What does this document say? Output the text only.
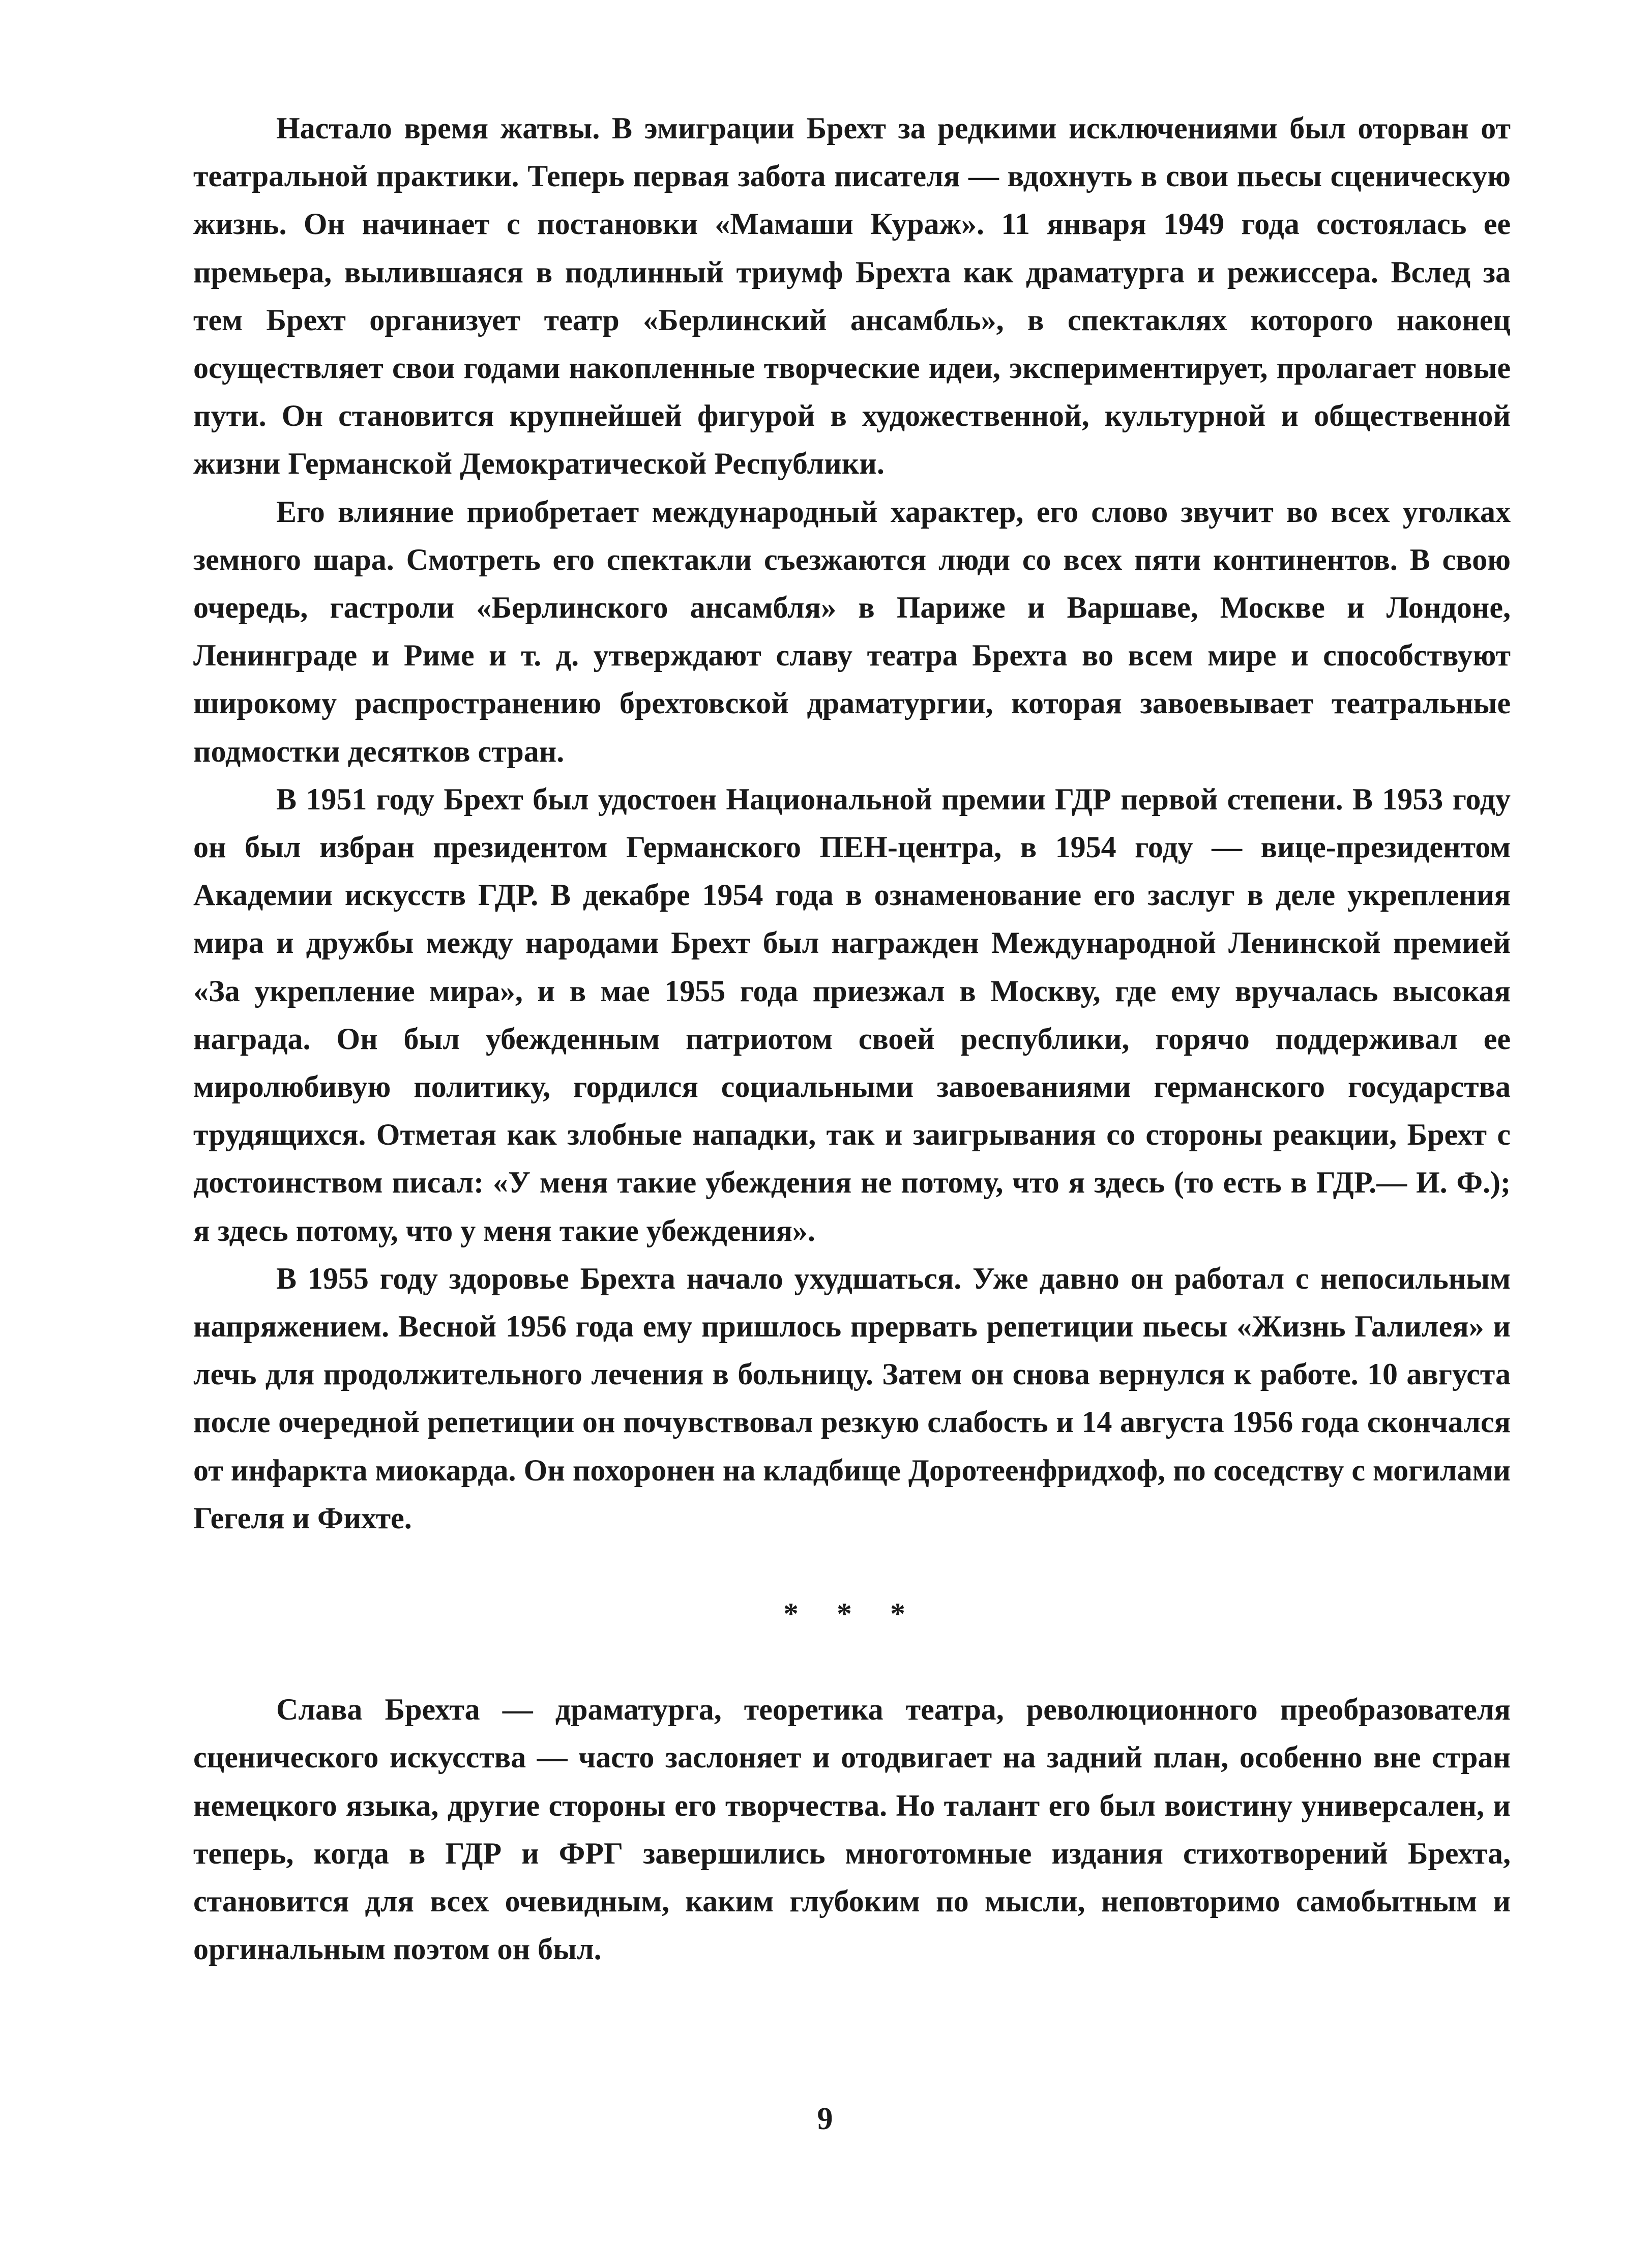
Настало время жатвы. В эмиграции Брехт за редкими исключениями был оторван от театральной практики. Теперь первая забота писателя — вдохнуть в свои пьесы сценическую жизнь. Он начинает с постановки «Мамаши Кураж». 11 января 1949 года состоялась ее премьера, вылившаяся в подлинный триумф Брехта как драматурга и режиссера. Вслед за тем Брехт организует театр «Берлинский ансамбль», в спектаклях которого наконец осуществляет свои годами накопленные творческие идеи, экспериментирует, пролагает новые пути. Он становится крупнейшей фигурой в художественной, культурной и общественной жизни Германской Демократической Республики.

Его влияние приобретает международный характер, его слово звучит во всех уголках земного шара. Смотреть его спектакли съезжаются люди со всех пяти континентов. В свою очередь, гастроли «Берлинского ансамбля» в Париже и Варшаве, Москве и Лондоне, Ленинграде и Риме и т. д. утверждают славу театра Брехта во всем мире и способствуют широкому распространению брехтовской драматургии, которая завоевывает театральные подмостки десятков стран.

В 1951 году Брехт был удостоен Национальной премии ГДР первой степени. В 1953 году он был избран президентом Германского ПЕН-центра, в 1954 году — вице-президентом Академии искусств ГДР. В декабре 1954 года в ознаменование его заслуг в деле укрепления мира и дружбы между народами Брехт был награжден Международной Ленинской премией «За укрепление мира», и в мае 1955 года приезжал в Москву, где ему вручалась высокая награда. Он был убежденным патриотом своей республики, горячо поддерживал ее миролюбивую политику, гордился социальными завоеваниями германского государства трудящихся. Отметая как злобные нападки, так и заигрывания со стороны реакции, Брехт с достоинством писал: «У меня такие убеждения не потому, что я здесь (то есть в ГДР.— И. Ф.); я здесь потому, что у меня такие убеждения».

В 1955 году здоровье Брехта начало ухудшаться. Уже давно он работал с непосильным напряжением. Весной 1956 года ему пришлось прервать репетиции пьесы «Жизнь Галилея» и лечь для продолжительного лечения в больницу. Затем он снова вернулся к работе. 10 августа после очередной репетиции он почувствовал резкую слабость и 14 августа 1956 года скончался от инфаркта миокарда. Он похоронен на кладбище Доротеенфридхоф, по соседству с могилами Гегеля и Фихте.

* * *

Слава Брехта — драматурга, теоретика театра, революционного преобразователя сценического искусства — часто заслоняет и отодвигает на задний план, особенно вне стран немецкого языка, другие стороны его творчества. Но талант его был воистину универсален, и теперь, когда в ГДР и ФРГ завершились многотомные издания стихотворений Брехта, становится для всех очевидным, каким глубоким по мысли, неповторимо самобытным и оргинальным поэтом он был.

9
